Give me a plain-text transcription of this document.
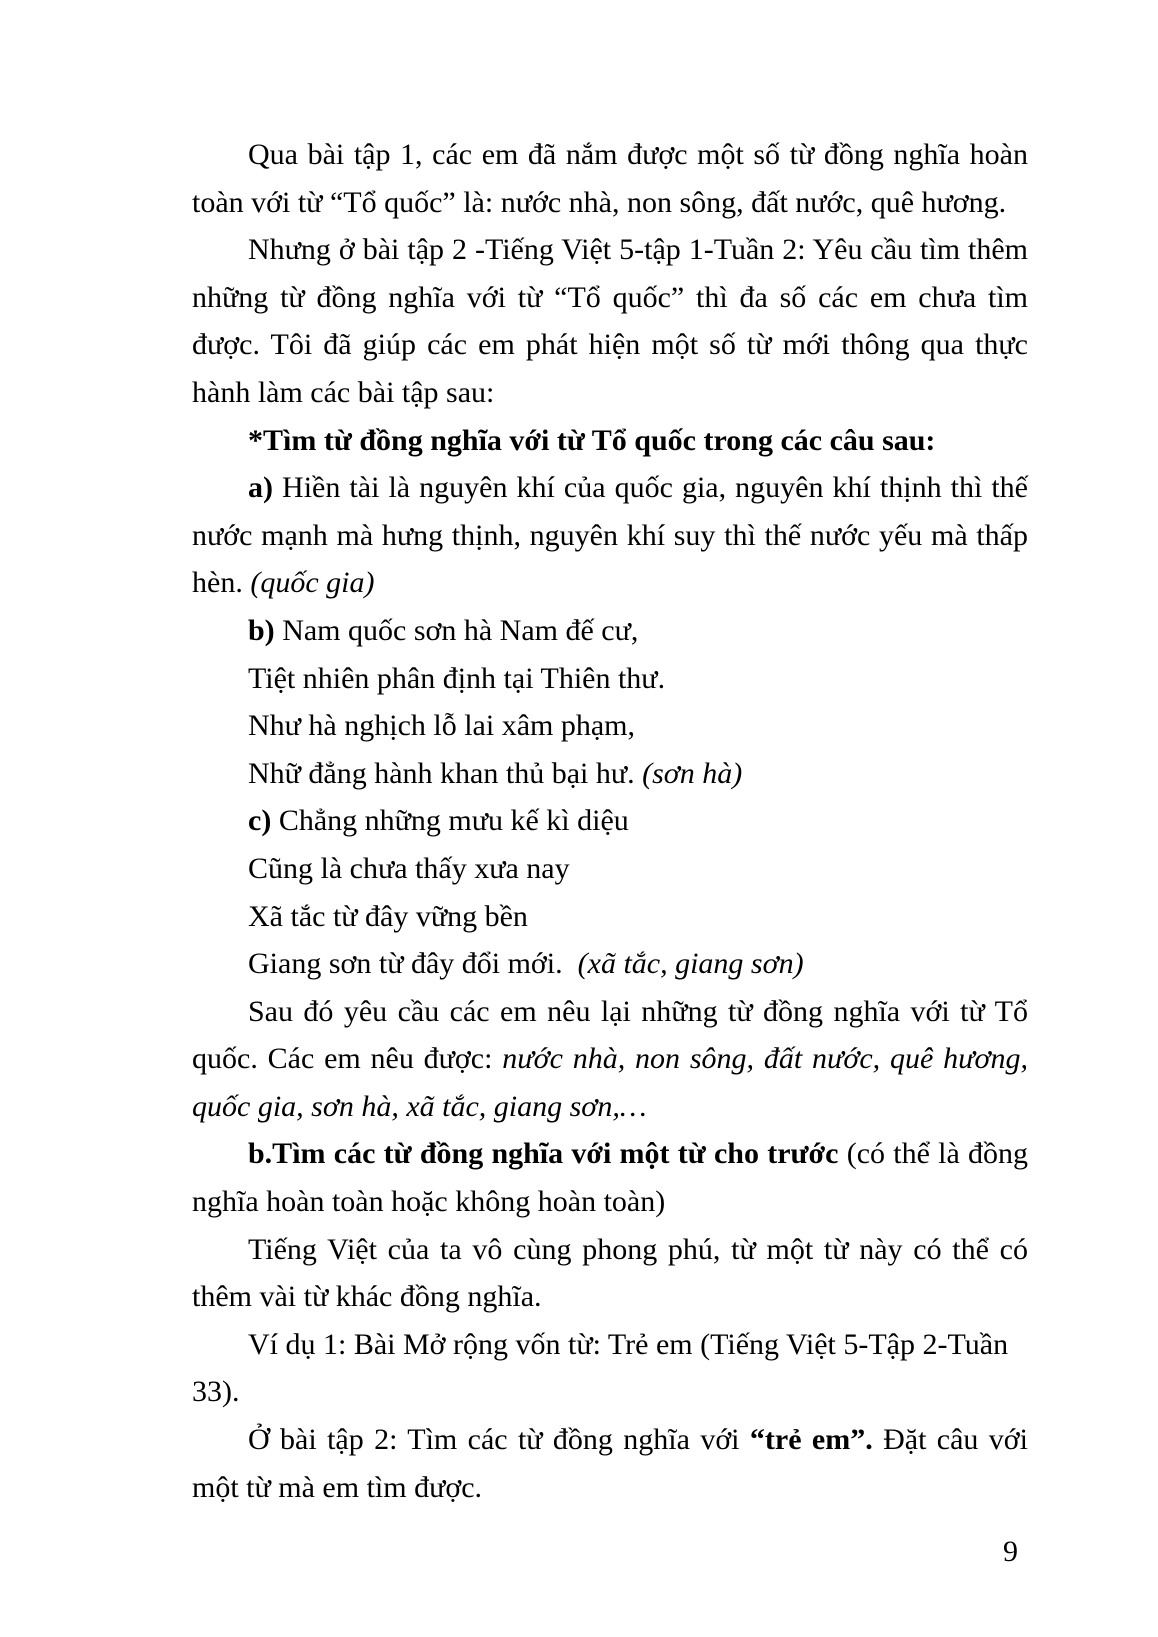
Qua bài tập 1, các em đã nắm được một số từ đồng nghĩa hoàn toàn với từ “Tổ quốc” là: nước nhà, non sông, đất nước, quê hương.

Nhưng ở bài tập 2 -Tiếng Việt 5-tập 1-Tuần 2: Yêu cầu tìm thêm những từ đồng nghĩa với từ “Tổ quốc” thì đa số các em chưa tìm được. Tôi đã giúp các em phát hiện một số từ mới thông qua thực hành làm các bài tập sau:

*Tìm từ đồng nghĩa với từ Tổ quốc trong các câu sau:

a) Hiền tài là nguyên khí của quốc gia, nguyên khí thịnh thì thế nước mạnh mà hưng thịnh, nguyên khí suy thì thế nước yếu mà thấp hèn. (quốc gia)

b) Nam quốc sơn hà Nam đế cư,

Tiệt nhiên phân định tại Thiên thư.

Như hà nghịch lỗ lai xâm phạm,

Nhữ đẳng hành khan thủ bại hư. (sơn hà)

c) Chẳng những mưu kế kì diệu

Cũng là chưa thấy xưa nay

Xã tắc từ đây vững bền

Giang sơn từ đây đổi mới.  (xã tắc, giang sơn)

Sau đó yêu cầu các em nêu lại những từ đồng nghĩa với từ Tổ quốc. Các em nêu được: nước nhà, non sông, đất nước, quê hương, quốc gia, sơn hà, xã tắc, giang sơn,…

b.Tìm các từ đồng nghĩa với một từ cho trước (có thể là đồng nghĩa hoàn toàn hoặc không hoàn toàn)

Tiếng Việt của ta vô cùng phong phú, từ một từ này có thể có thêm vài từ khác đồng nghĩa.

Ví dụ 1: Bài Mở rộng vốn từ: Trẻ em (Tiếng Việt 5-Tập 2-Tuần 33).

Ở bài tập 2: Tìm các từ đồng nghĩa với “trẻ em”. Đặt câu với một từ mà em tìm được.

9
